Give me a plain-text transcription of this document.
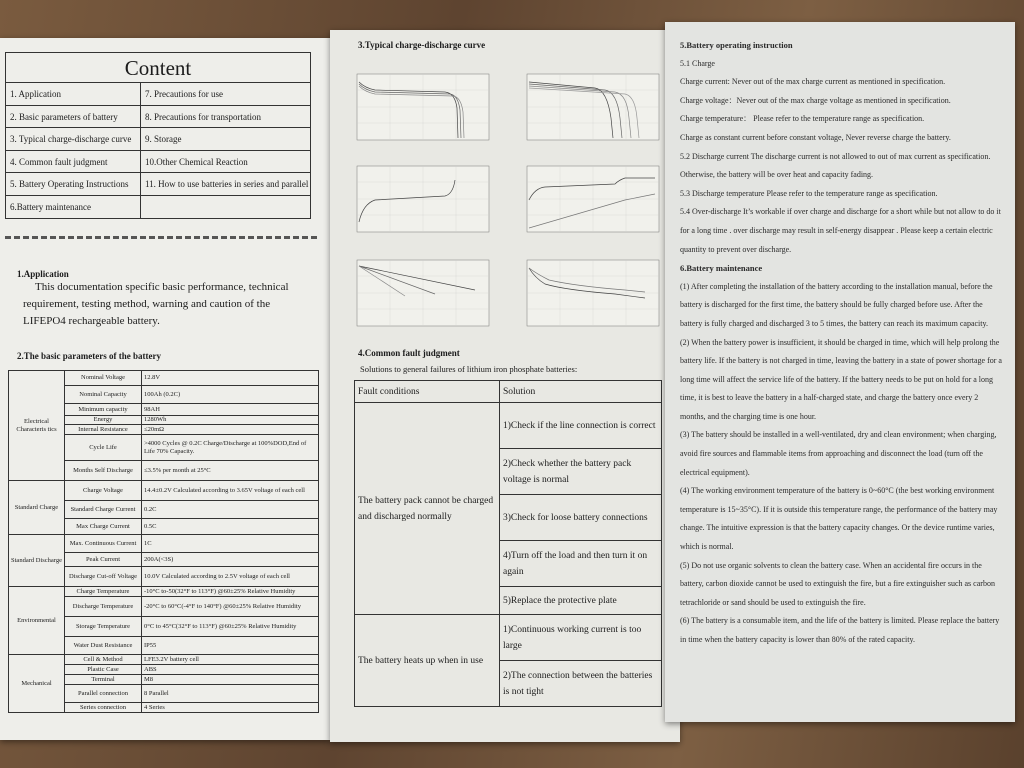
Content
1. Application	7. Precautions for use
2. Basic parameters of battery	8. Precautions for transportation
3. Typical charge-discharge curve	9. Storage
4. Common fault judgment	10.Other Chemical Reaction
5. Battery Operating Instructions	11. How to use batteries in series and parallel
6.Battery maintenance
1.Application
This documentation specific basic performance, technical requirement, testing method, warning and caution of the LIFEPO4 rechargeable battery.
2.The basic parameters of the battery
Electrical Characteris tics	Nominal Voltage	12.8V
	Nominal Capacity	100Ah (0.2C)
	Minimum capacity	98AH
	Energy	1280Wh
	Internal Resistance	≤20mΩ
	Cycle Life	>4000 Cycles @ 0.2C Charge/Discharge at 100%DOD,End of Life 70% Capacity.
	Months Self Discharge	≤3.5% per month at 25°C
Standard Charge	Charge Voltage	14.4±0.2V Calculated according to 3.65V voltage of each cell
	Standard Charge Current	0.2C
	Max Charge Current	0.5C
Standard Discharge	Max. Continuous Current	1C
	Peak Current	200A(<3S)
	Discharge Cut-off Voltage	10.0V Calculated according to 2.5V voltage of each cell
Environmental	Charge Temperature	-10°C to-50(32°F to 113°F) @60±25% Relative Humidity
	Discharge Temperature	-20°C to 60°C(-4°F to 140°F) @60±25% Relative Humidity
	Storage Temperature	0°C to 45°C(32°F to 113°F) @60±25% Relative Humidity
	Water Dust Resistance	IP55
Mechanical	Cell & Method	LFE3.2V battery cell
	Plastic Case	ABS
	Terminal	M8
	Parallel connection	8 Parallel
	Series connection	4 Series
3.Typical charge-discharge curve
4.Common fault judgment
Solutions to general failures of lithium iron phosphate batteries:
Fault conditions	Solution
The battery pack cannot be charged and discharged normally	1)Check if the line connection is correct
	2)Check whether the battery pack voltage is normal
	3)Check for loose battery connections
	4)Turn off the load and then turn it on again
	5)Replace the protective plate
The battery heats up when in use	1)Continuous working current is too large
	2)The connection between the batteries is not tight
5.Battery operating instruction
5.1 Charge
Charge current: Never out of the max charge current as mentioned in specification.
Charge voltage：Never out of the max charge voltage as mentioned in specification.
Charge temperature： Please refer to the temperature range as specification.
Charge as constant current before constant voltage, Never reverse charge the battery.
5.2 Discharge current The discharge current is not allowed to out of max current as specification. Otherwise, the battery will be over heat and capacity fading.
5.3 Discharge temperature Please refer to the temperature range as specification.
5.4 Over-discharge It’s workable if over charge and discharge for a short while but not allow to do it for a long time . over discharge may result in self-energy disappear . Please keep a certain electric quantity to prevent over discharge.
6.Battery maintenance
(1) After completing the installation of the battery according to the installation manual, before the battery is discharged for the first time, the battery should be fully charged before use. After the battery is fully charged and discharged 3 to 5 times, the battery can reach its maximum capacity.
(2) When the battery power is insufficient, it should be charged in time, which will help prolong the battery life. If the battery is not charged in time, leaving the battery in a state of power shortage for a long time will affect the service life of the battery. If the battery needs to be put on hold for a long time, it is best to leave the battery in a half-charged state, and charge the battery once every 2 months, and the charging time is one hour.
(3) The battery should be installed in a well-ventilated, dry and clean environment; when charging, avoid fire sources and flammable items from approaching and disconnect the load (turn off the electrical equipment).
(4) The working environment temperature of the battery is 0~60°C (the best working environment temperature is 15~35°C). If it is outside this temperature range, the performance of the battery may change. The intuitive expression is that the battery capacity changes. Or the device runtime varies, which is normal.
(5) Do not use organic solvents to clean the battery case. When an accidental fire occurs in the battery, carbon dioxide cannot be used to extinguish the fire, but a fire extinguisher such as carbon tetrachloride or sand should be used to extinguish the fire.
(6) The battery is a consumable item, and the life of the battery is limited. Please replace the battery in time when the battery capacity is lower than 80% of the rated capacity.
